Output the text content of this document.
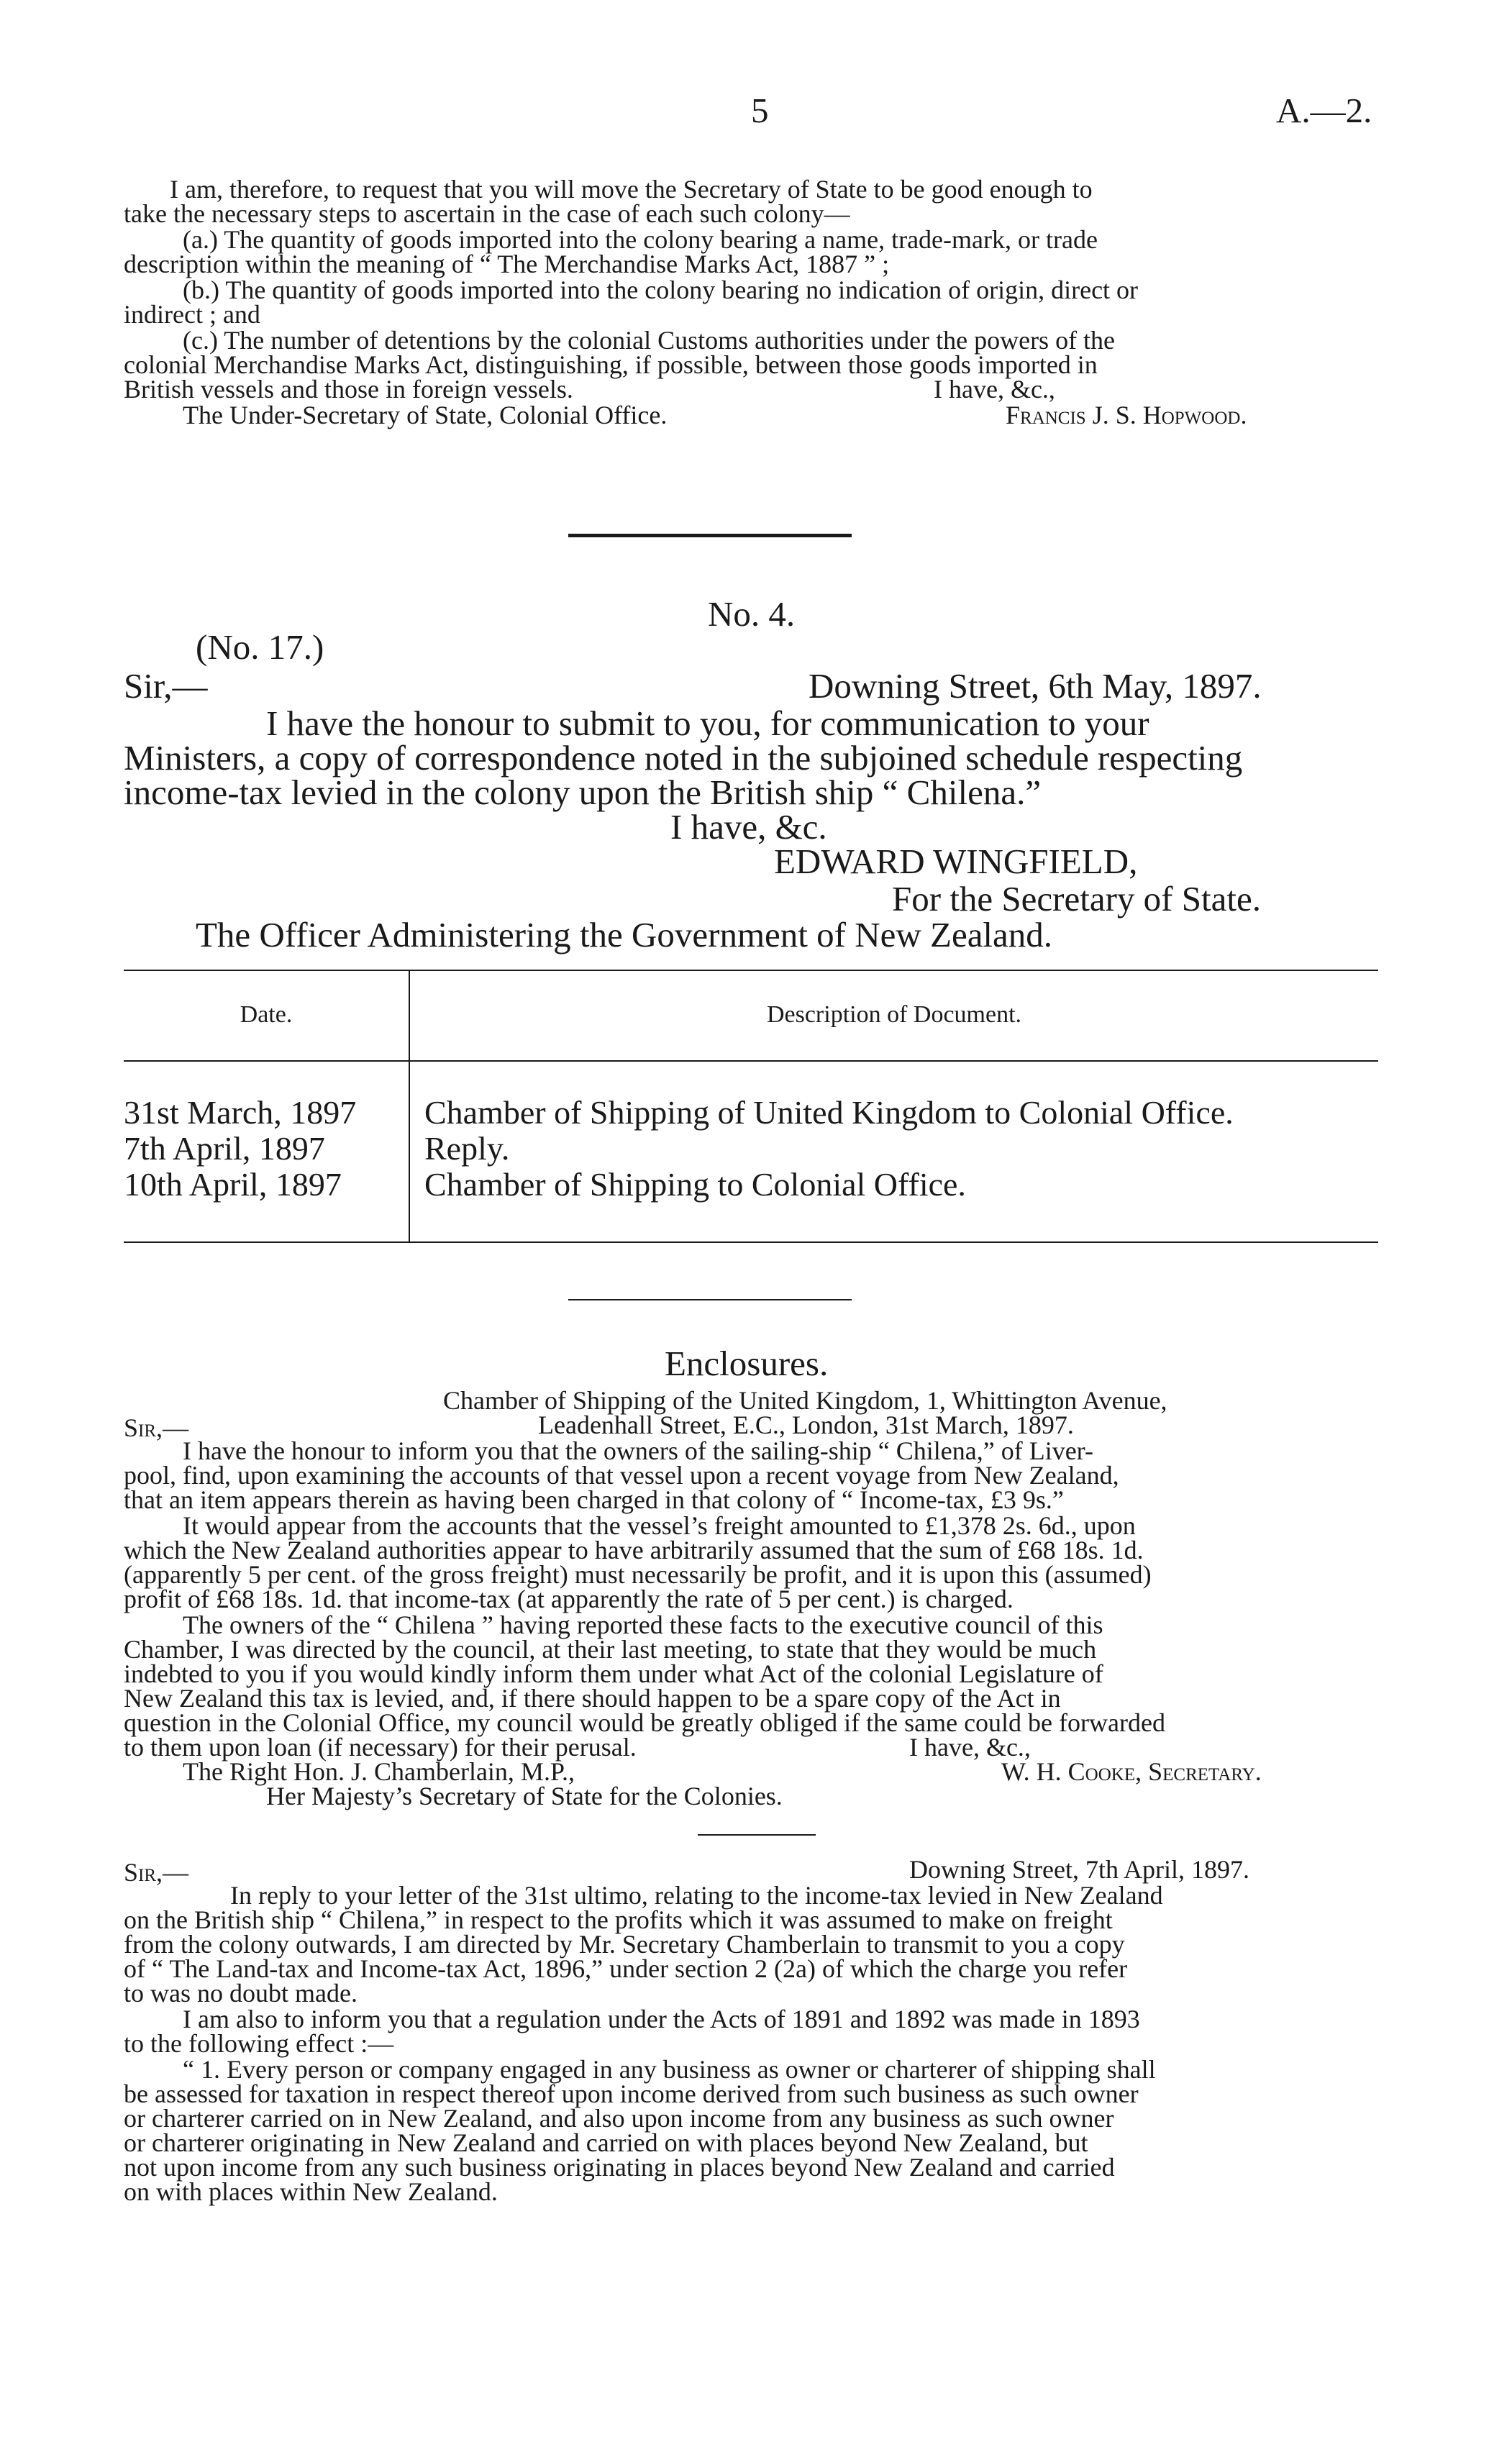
5	A.—2.
I am, therefore, to request that you will move the Secretary of State to be good enough to
take the necessary steps to ascertain in the case of each such colony—
(a.) The quantity of goods imported into the colony bearing a name, trade-mark, or trade
description within the meaning of “ The Merchandise Marks Act, 1887 ” ;
(b.) The quantity of goods imported into the colony bearing no indication of origin, direct or
indirect ; and
(c.) The number of detentions by the colonial Customs authorities under the powers of the
colonial Merchandise Marks Act, distinguishing, if possible, between those goods imported in
British vessels and those in foreign vessels.	I have, &c.,
The Under-Secretary of State, Colonial Office.	Francis J. S. Hopwood.
No. 4.
(No. 17.)
Sir,—	Downing Street, 6th May, 1897.
I have the honour to submit to you, for communication to your
Ministers, a copy of correspondence noted in the subjoined schedule respecting
income-tax levied in the colony upon the British ship “ Chilena.”
I have, &c.
EDWARD WINGFIELD,
For the Secretary of State.
The Officer Administering the Government of New Zealand.
Date.	Description of Document.
31st March, 1897 Chamber of Shipping of United Kingdom to Colonial Office.
7th April, 1897	Reply.
10th April, 1897	Chamber of Shipping to Colonial Office.
Enclosures.
Chamber of Shipping of the United Kingdom, 1, Whittington Avenue,
Sir,—	Leadenhall Street, E.C., London, 31st March, 1897.
I have the honour to inform you that the owners of the sailing-ship “ Chilena,” of Liver-
pool, find, upon examining the accounts of that vessel upon a recent voyage from New Zealand,
that an item appears therein as having been charged in that colony of “ Income-tax, £3 9s.”
It would appear from the accounts that the vessel’s freight amounted to £1,378 2s. 6d., upon
which the New Zealand authorities appear to have arbitrarily assumed that the sum of £68 18s. 1d.
(apparently 5 per cent. of the gross freight) must necessarily be profit, and it is upon this (assumed)
profit of £68 18s. 1d. that income-tax (at apparently the rate of 5 per cent.) is charged.
The owners of the “ Chilena ” having reported these facts to the executive council of this
Chamber, I was directed by the council, at their last meeting, to state that they would be much
indebted to you if you would kindly inform them under what Act of the colonial Legislature of
New Zealand this tax is levied, and, if there should happen to be a spare copy of the Act in
question in the Colonial Office, my council would be greatly obliged if the same could be forwarded
to them upon loan (if necessary) for their perusal.	I have, &c.,
The Right Hon. J. Chamberlain, M.P.,	W. H. Cooke, Secretary.
Her Majesty’s Secretary of State for the Colonies.
Sir,—	Downing Street, 7th April, 1897.
In reply to your letter of the 31st ultimo, relating to the income-tax levied in New Zealand
on the British ship “ Chilena,” in respect to the profits which it was assumed to make on freight
from the colony outwards, I am directed by Mr. Secretary Chamberlain to transmit to you a copy
of “ The Land-tax and Income-tax Act, 1896,” under section 2 (2a) of which the charge you refer
to was no doubt made.
I am also to inform you that a regulation under the Acts of 1891 and 1892 was made in 1893
to the following effect :—
“ 1. Every person or company engaged in any business as owner or charterer of shipping shall
be assessed for taxation in respect thereof upon income derived from such business as such owner
or charterer carried on in New Zealand, and also upon income from any business as such owner
or charterer originating in New Zealand and carried on with places beyond New Zealand, but
not upon income from any such business originating in places beyond New Zealand and carried
on with places within New Zealand.
